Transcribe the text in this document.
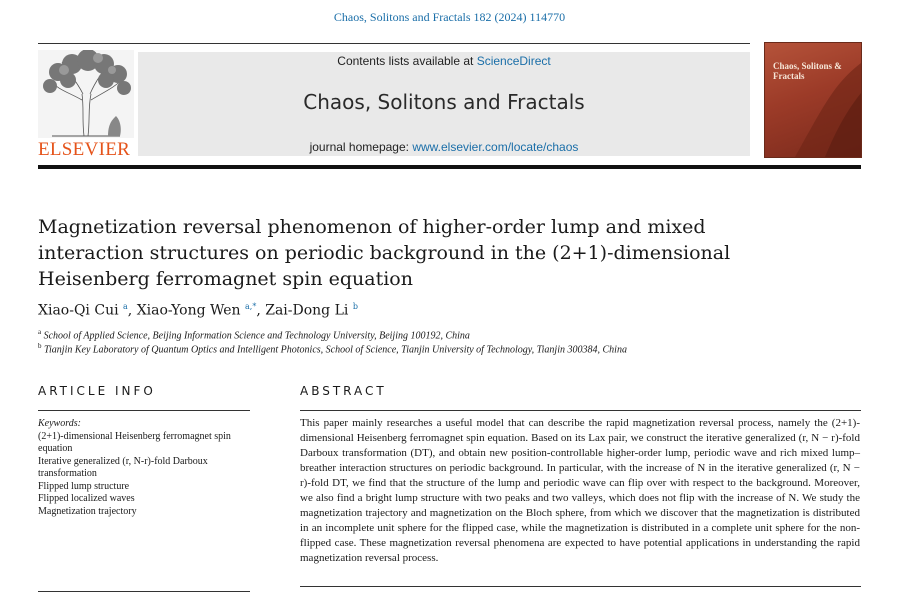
Chaos, Solitons and Fractals 182 (2024) 114770
ELSEVIER
Contents lists available at ScienceDirect
Chaos, Solitons and Fractals
journal homepage: www.elsevier.com/locate/chaos
Chaos, Solitons & Fractals
Magnetization reversal phenomenon of higher-order lump and mixed interaction structures on periodic background in the (2+1)-dimensional Heisenberg ferromagnet spin equation
Xiao-Qi Cui $^a$, Xiao-Yong Wen $^{a,*}$, Zai-Dong Li $^b$
$^a$ School of Applied Science, Beijing Information Science and Technology University, Beijing 100192, China
$^b$ Tianjin Key Laboratory of Quantum Optics and Intelligent Photonics, School of Science, Tianjin University of Technology, Tianjin 300384, China
ARTICLE INFO	ABSTRACT
Keywords:

(2+1)-dimensional Heisenberg ferromagnet spin equation

Iterative generalized (r, N-r)-fold Darboux transformation

Flipped lump structure

Flipped localized waves

Magnetization trajectory

This paper mainly researches a useful model that can describe the rapid magnetization reversal process, namely the (2+1)-dimensional Heisenberg ferromagnet spin equation. Based on its Lax pair, we construct the iterative generalized (r, N − r)-fold Darboux transformation (DT), and obtain new position-controllable higher-order lump, periodic wave and rich mixed lump–breather interaction structures on periodic background. In particular, with the increase of N in the iterative generalized (r, N − r)-fold DT, we find that the structure of the lump and periodic wave can flip over with respect to the background. Moreover, we also find a bright lump structure with two peaks and two valleys, which does not flip with the increase of N. We study the magnetization trajectory and magnetization on the Bloch sphere, from which we discover that the magnetization is distributed in an incomplete unit sphere for the flipped case, while the magnetization is distributed in a complete unit sphere for the non-flipped case. These magnetization reversal phenomena are expected to have potential applications in understanding the rapid magnetization reversal process.
